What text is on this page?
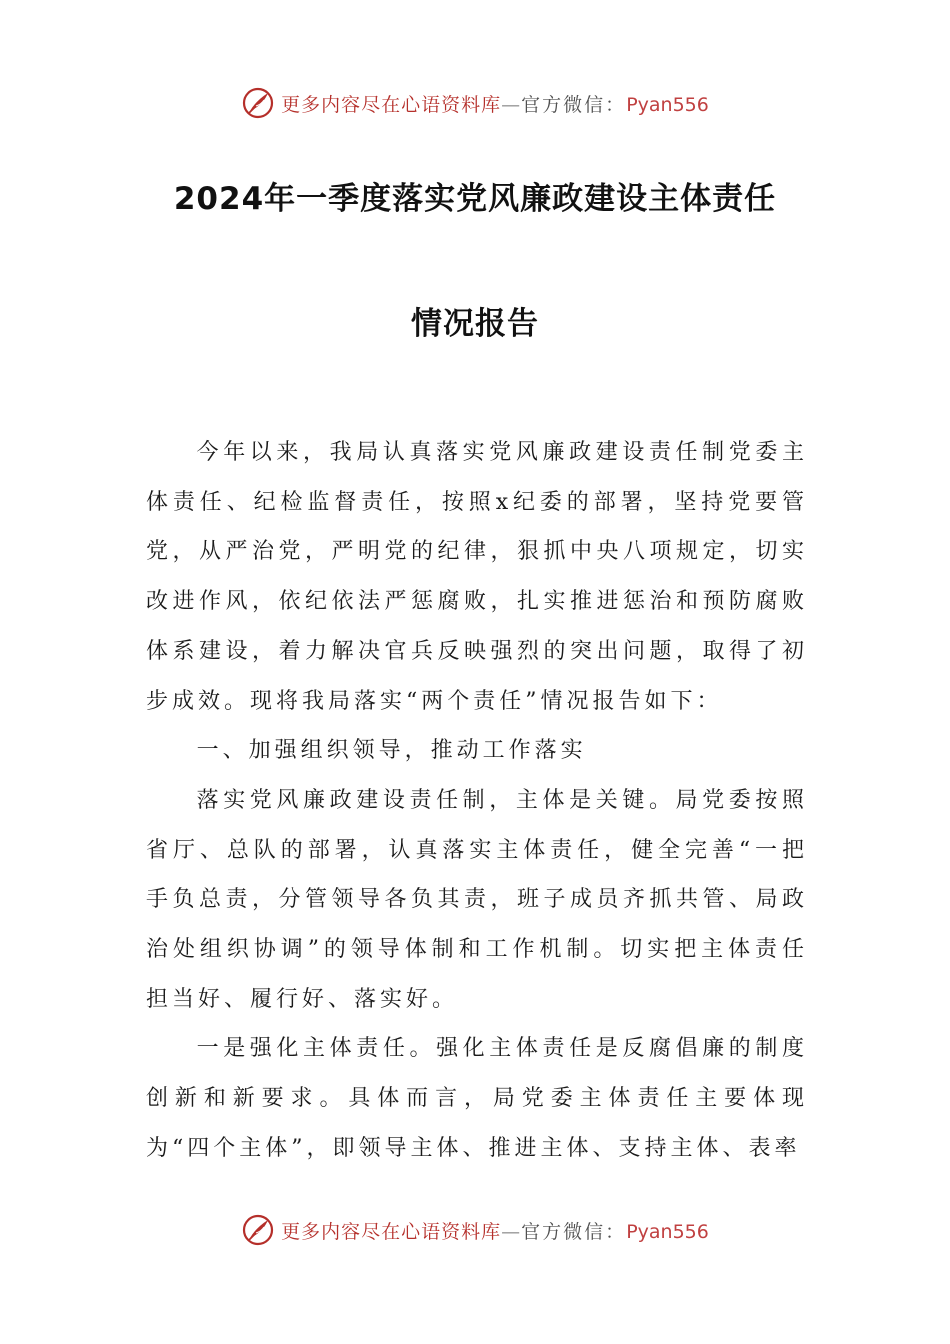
更多内容尽在心语资料库—官方微信：Pyan556
2024年一季度落实党风廉政建设主体责任
情况报告

今年以来，我局认真落实党风廉政建设责任制党委主体责任、纪检监督责任，按照x纪委的部署，坚持党要管党，从严治党，严明党的纪律，狠抓中央八项规定，切实改进作风，依纪依法严惩腐败，扎实推进惩治和预防腐败体系建设，着力解决官兵反映强烈的突出问题，取得了初步成效。现将我局落实“两个责任”情况报告如下：

一、加强组织领导，推动工作落实

落实党风廉政建设责任制，主体是关键。局党委按照省厅、总队的部署，认真落实主体责任，健全完善“一把手负总责，分管领导各负其责，班子成员齐抓共管、局政治处组织协调”的领导体制和工作机制。切实把主体责任担当好、履行好、落实好。

一是强化主体责任。强化主体责任是反腐倡廉的制度创新和新要求。具体而言，局党委主体责任主要体现为“四个主体”，即领导主体、推进主体、支持主体、表率

更多内容尽在心语资料库—官方微信：Pyan556
